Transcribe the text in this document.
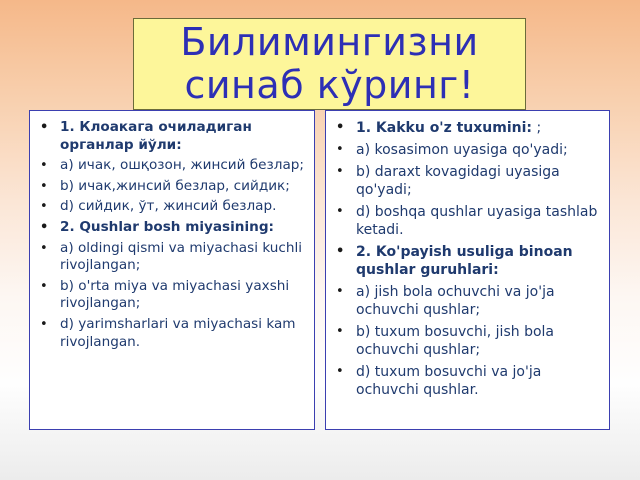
Билимингизни
синаб кўринг!
• 1. Клоакага очиладиган органлар йўли:
• a) ичак, ошқозон, жинсий безлар;
• b) ичак,жинсий безлар, сийдик;
• d) сийдик, ўт, жинсий безлар.
• 2. Qushlar bosh miyasining:
• a) oldingi qismi va miyachasi kuchli rivojlangan;
• b) o'rta miya va miyachasi yaxshi rivojlangan;
• d) yarimsharlari va miyachasi kam rivojlangan.
• 1. Kakku o'z tuxumini: ;
• a) kosasimon uyasiga qo'yadi;
• b) daraxt kovagidagi uyasiga qo'yadi;
• d) boshqa qushlar uyasiga tashlab ketadi.
• 2. Ko'payish usuliga binoan qushlar guruhlari:
• a) jish bola ochuvchi va jo'ja ochuvchi qushlar;
• b) tuxum bosuvchi, jish bola ochuvchi qushlar;
• d) tuxum bosuvchi va jo'ja ochuvchi qushlar.
